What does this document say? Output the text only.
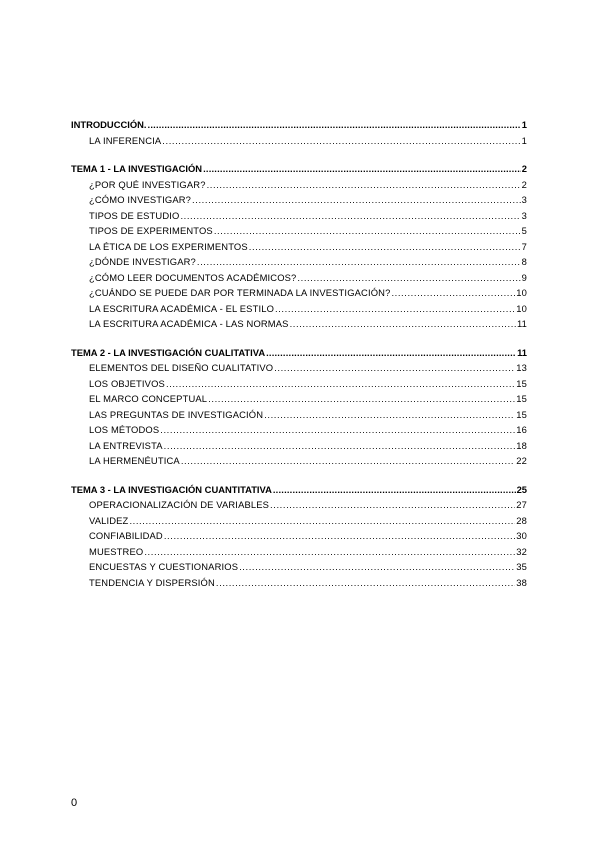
INTRODUCCIÓN. .....	1
LA INFERENCIA .....	1
TEMA 1 - LA INVESTIGACIÓN .....	2
¿POR QUÉ INVESTIGAR? .....	2
¿CÓMO INVESTIGAR? .....	3
TIPOS DE ESTUDIO .....	3
TIPOS DE EXPERIMENTOS .....	5
LA ÉTICA DE LOS EXPERIMENTOS .....	7
¿DÓNDE INVESTIGAR? .....	8
¿CÓMO LEER DOCUMENTOS ACADÉMICOS? .....	9
¿CUÁNDO SE PUEDE DAR POR TERMINADA LA INVESTIGACIÓN? .....	10
LA ESCRITURA ACADÉMICA - EL ESTILO .....	10
LA ESCRITURA ACADÉMICA - LAS NORMAS .....	11
TEMA 2 - LA INVESTIGACIÓN CUALITATIVA .....	11
ELEMENTOS DEL DISEÑO CUALITATIVO .....	13
LOS OBJETIVOS .....	15
EL MARCO CONCEPTUAL .....	15
LAS PREGUNTAS DE INVESTIGACIÓN .....	15
LOS MÉTODOS .....	16
LA ENTREVISTA .....	18
LA HERMENÉUTICA .....	22
TEMA 3 - LA INVESTIGACIÓN CUANTITATIVA .....	25
OPERACIONALIZACIÓN DE VARIABLES .....	27
VALIDEZ .....	28
CONFIABILIDAD .....	30
MUESTREO .....	32
ENCUESTAS Y CUESTIONARIOS .....	35
TENDENCIA Y DISPERSIÓN .....	38
0
